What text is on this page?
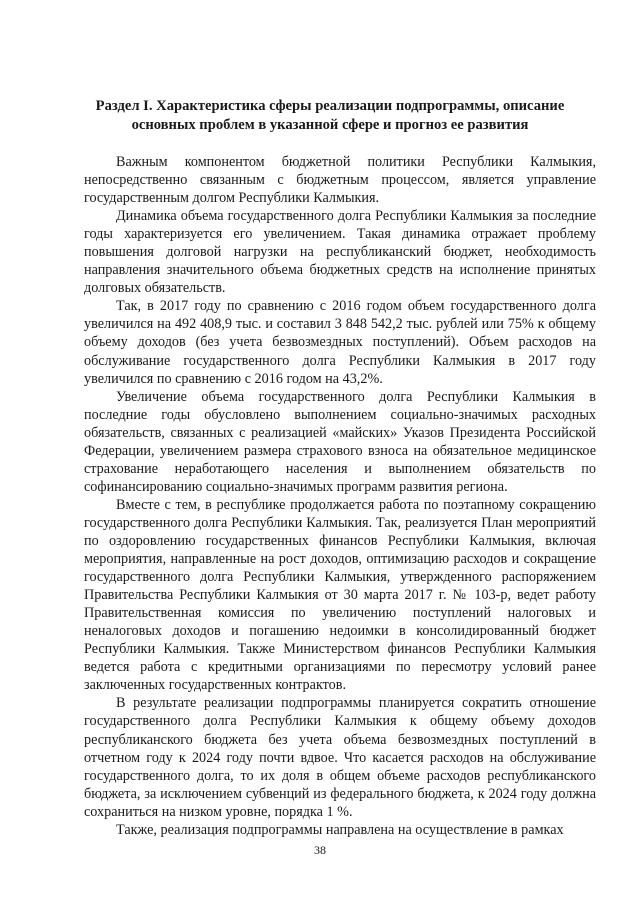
Раздел I. Характеристика сферы реализации подпрограммы, описание
основных проблем в указанной сфере и прогноз ее развития

Важным компонентом бюджетной политики Республики Калмыкия, непосредственно связанным с бюджетным процессом, является управление государственным долгом Республики Калмыкия.

Динамика объема государственного долга Республики Калмыкия за последние годы характеризуется его увеличением. Такая динамика отражает проблему повышения долговой нагрузки на республиканский бюджет, необходимость направления значительного объема бюджетных средств на исполнение принятых долговых обязательств.

Так, в 2017 году по сравнению с 2016 годом объем государственного долга увеличился на 492 408,9 тыс. и составил 3 848 542,2 тыс. рублей или 75% к общему объему доходов (без учета безвозмездных поступлений). Объем расходов на обслуживание государственного долга Республики Калмыкия в 2017 году увеличился по сравнению с 2016 годом на 43,2%.

Увеличение объема государственного долга Республики Калмыкия в последние годы обусловлено выполнением социально-значимых расходных обязательств, связанных с реализацией «майских» Указов Президента Российской Федерации, увеличением размера страхового взноса на обязательное медицинское страхование неработающего населения и выполнением обязательств по софинансированию социально-значимых программ развития региона.

Вместе с тем, в республике продолжается работа по поэтапному сокращению государственного долга Республики Калмыкия. Так, реализуется План мероприятий по оздоровлению государственных финансов Республики Калмыкия, включая мероприятия, направленные на рост доходов, оптимизацию расходов и сокращение государственного долга Республики Калмыкия, утвержденного распоряжением Правительства Республики Калмыкия от 30 марта 2017 г. № 103-р, ведет работу Правительственная комиссия по увеличению поступлений налоговых и неналоговых доходов и погашению недоимки в консолидированный бюджет Республики Калмыкия. Также Министерством финансов Республики Калмыкия ведется работа с кредитными организациями по пересмотру условий ранее заключенных государственных контрактов.

В результате реализации подпрограммы планируется сократить отношение государственного долга Республики Калмыкия к общему объему доходов республиканского бюджета без учета объема безвозмездных поступлений в отчетном году к 2024 году почти вдвое. Что касается расходов на обслуживание государственного долга, то их доля в общем объеме расходов республиканского бюджета, за исключением субвенций из федерального бюджета, к 2024 году должна сохраниться на низком уровне, порядка 1 %.

Также, реализация подпрограммы направлена на осуществление в рамках

38
